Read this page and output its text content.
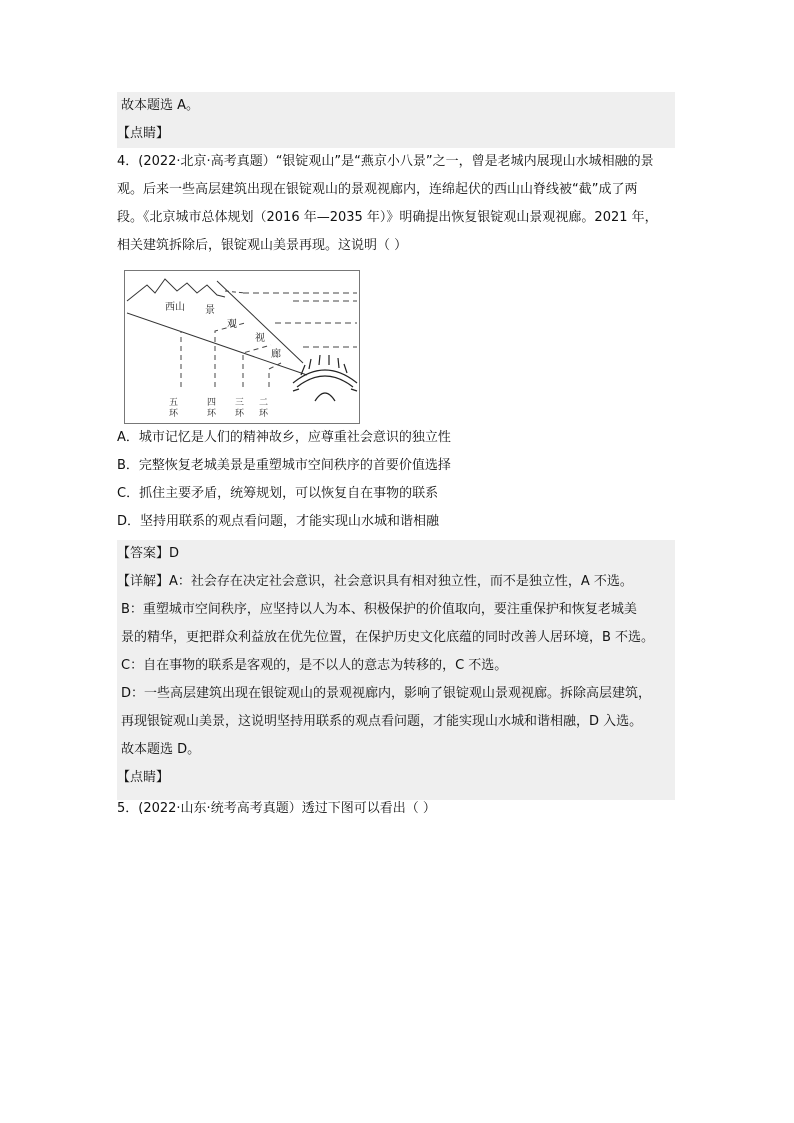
故本题选 A。
【点睛】
4．(2022·北京·高考真题）“银锭观山”是“燕京小八景”之一，曾是老城内展现山水城相融的景
观。后来一些高层建筑出现在银锭观山的景观视廊内，连绵起伏的西山山脊线被“截”成了两
段。《北京城市总体规划（2016 年—2035 年）》明确提出恢复银锭观山景观视廊。2021 年，
相关建筑拆除后，银锭观山美景再现。这说明（ ）
西山 景
观
视
廊
五
环
四
环
三
环
二
环
A．城市记忆是人们的精神故乡，应尊重社会意识的独立性
B．完整恢复老城美景是重塑城市空间秩序的首要价值选择
C．抓住主要矛盾，统筹规划，可以恢复自在事物的联系
D．坚持用联系的观点看问题，才能实现山水城和谐相融
【答案】D
【详解】A：社会存在决定社会意识，社会意识具有相对独立性，而不是独立性，A 不选。
B：重塑城市空间秩序，应坚持以人为本、积极保护的价值取向，要注重保护和恢复老城美
景的精华，更把群众利益放在优先位置，在保护历史文化底蕴的同时改善人居环境，B 不选。
C：自在事物的联系是客观的，是不以人的意志为转移的，C 不选。
D：一些高层建筑出现在银锭观山的景观视廊内，影响了银锭观山景观视廊。拆除高层建筑，
再现银锭观山美景，这说明坚持用联系的观点看问题，才能实现山水城和谐相融，D 入选。
故本题选 D。
【点睛】
5．(2022·山东·统考高考真题）透过下图可以看出（ ）
